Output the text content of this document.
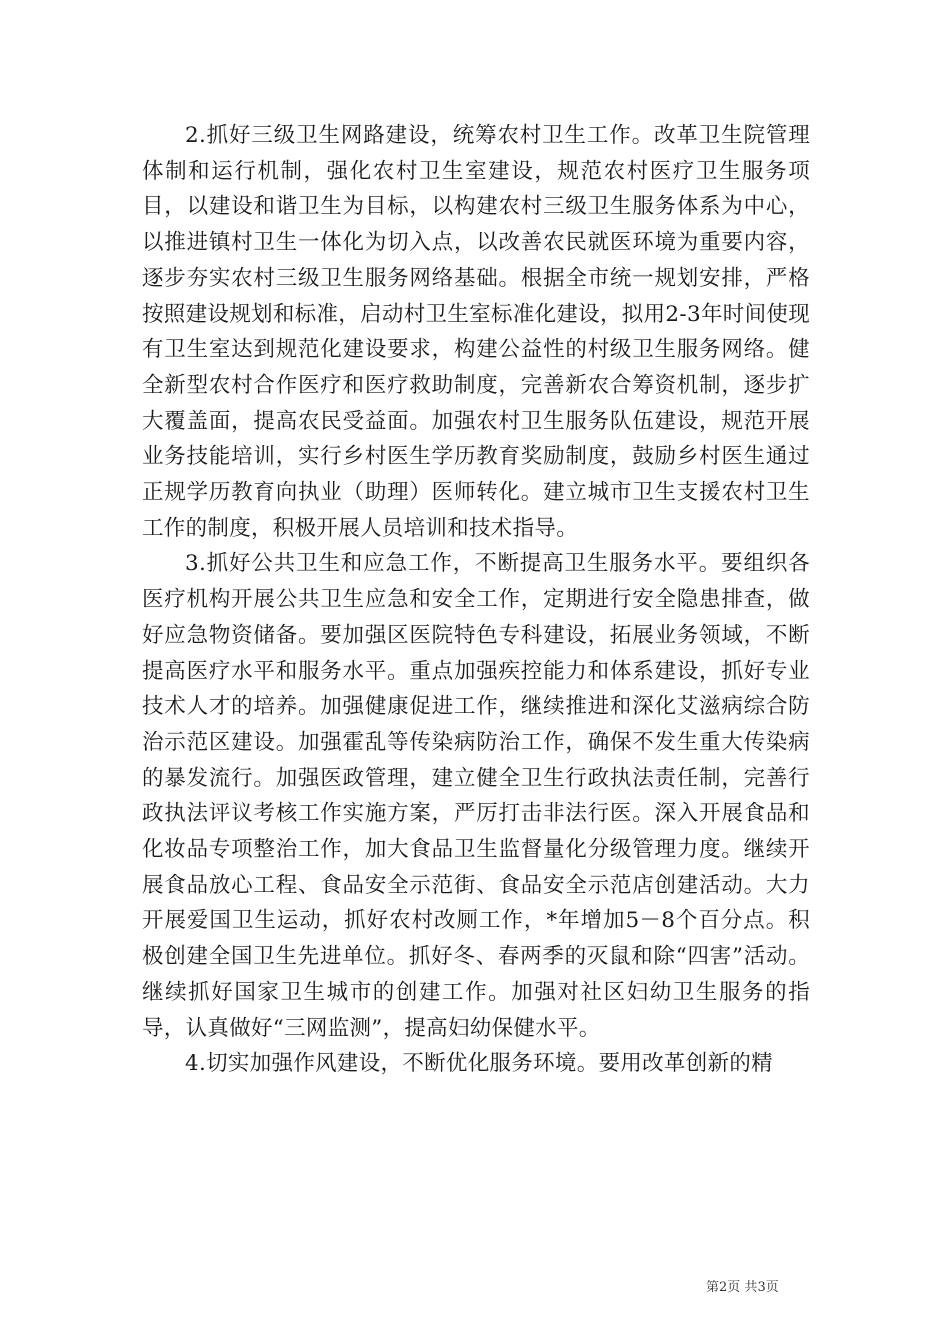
2.抓好三级卫生网路建设，统筹农村卫生工作。改革卫生院管理体制和运行机制，强化农村卫生室建设，规范农村医疗卫生服务项目，以建设和谐卫生为目标，以构建农村三级卫生服务体系为中心，以推进镇村卫生一体化为切入点，以改善农民就医环境为重要内容，逐步夯实农村三级卫生服务网络基础。根据全市统一规划安排，严格按照建设规划和标准，启动村卫生室标准化建设，拟用2-3年时间使现有卫生室达到规范化建设要求，构建公益性的村级卫生服务网络。健全新型农村合作医疗和医疗救助制度，完善新农合筹资机制，逐步扩大覆盖面，提高农民受益面。加强农村卫生服务队伍建设，规范开展业务技能培训，实行乡村医生学历教育奖励制度，鼓励乡村医生通过正规学历教育向执业（助理）医师转化。建立城市卫生支援农村卫生工作的制度，积极开展人员培训和技术指导。

3.抓好公共卫生和应急工作，不断提高卫生服务水平。要组织各医疗机构开展公共卫生应急和安全工作，定期进行安全隐患排查，做好应急物资储备。要加强区医院特色专科建设，拓展业务领域，不断提高医疗水平和服务水平。重点加强疾控能力和体系建设，抓好专业技术人才的培养。加强健康促进工作，继续推进和深化艾滋病综合防治示范区建设。加强霍乱等传染病防治工作，确保不发生重大传染病的暴发流行。加强医政管理，建立健全卫生行政执法责任制，完善行政执法评议考核工作实施方案，严厉打击非法行医。深入开展食品和化妆品专项整治工作，加大食品卫生监督量化分级管理力度。继续开展食品放心工程、食品安全示范街、食品安全示范店创建活动。大力开展爱国卫生运动，抓好农村改厕工作，*年增加5－8个百分点。积极创建全国卫生先进单位。抓好冬、春两季的灭鼠和除“四害”活动。继续抓好国家卫生城市的创建工作。加强对社区妇幼卫生服务的指导，认真做好“三网监测”，提高妇幼保健水平。

4.切实加强作风建设，不断优化服务环境。要用改革创新的精

第2页 共3页
